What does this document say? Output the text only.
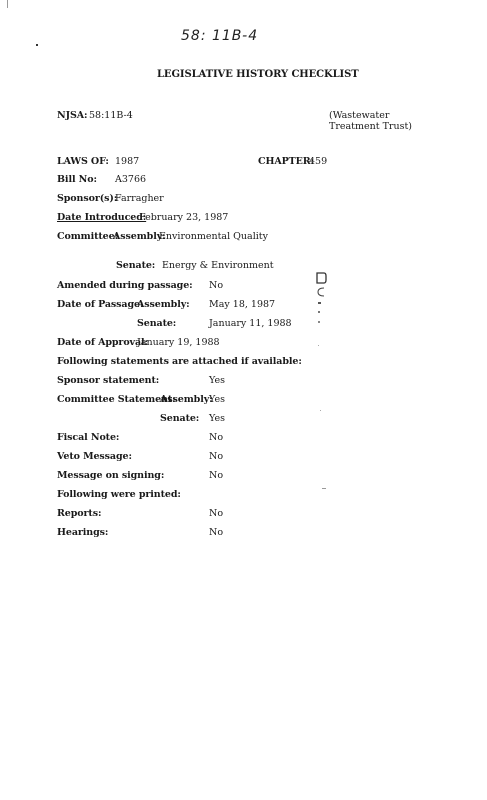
58: 11B-4
LEGISLATIVE HISTORY CHECKLIST
NJSA: 58:11B-4	(Wastewater
Treatment Trust)
LAWS OF: 1987	CHAPTER:
459
Bill No: A3766
Sponsor(s):
Farragher
Date Introduced:
February 23, 1987
Committee:
Assembly:
Environmental Quality
Senate: Energy & Environment
Amended during passage: No
Date of Passage:
Assembly: May 18, 1987
Senate:	January 11, 1988
Date of Approval:
January 19, 1988
Following statements are attached if available:
Sponsor statement:	Yes
Committee Statement:
Assembly:
Yes
Senate: Yes
Fiscal Note:	No
Veto Message:	No
Message on signing:	No
Following were printed:
Reports:	No
Hearings:	No
